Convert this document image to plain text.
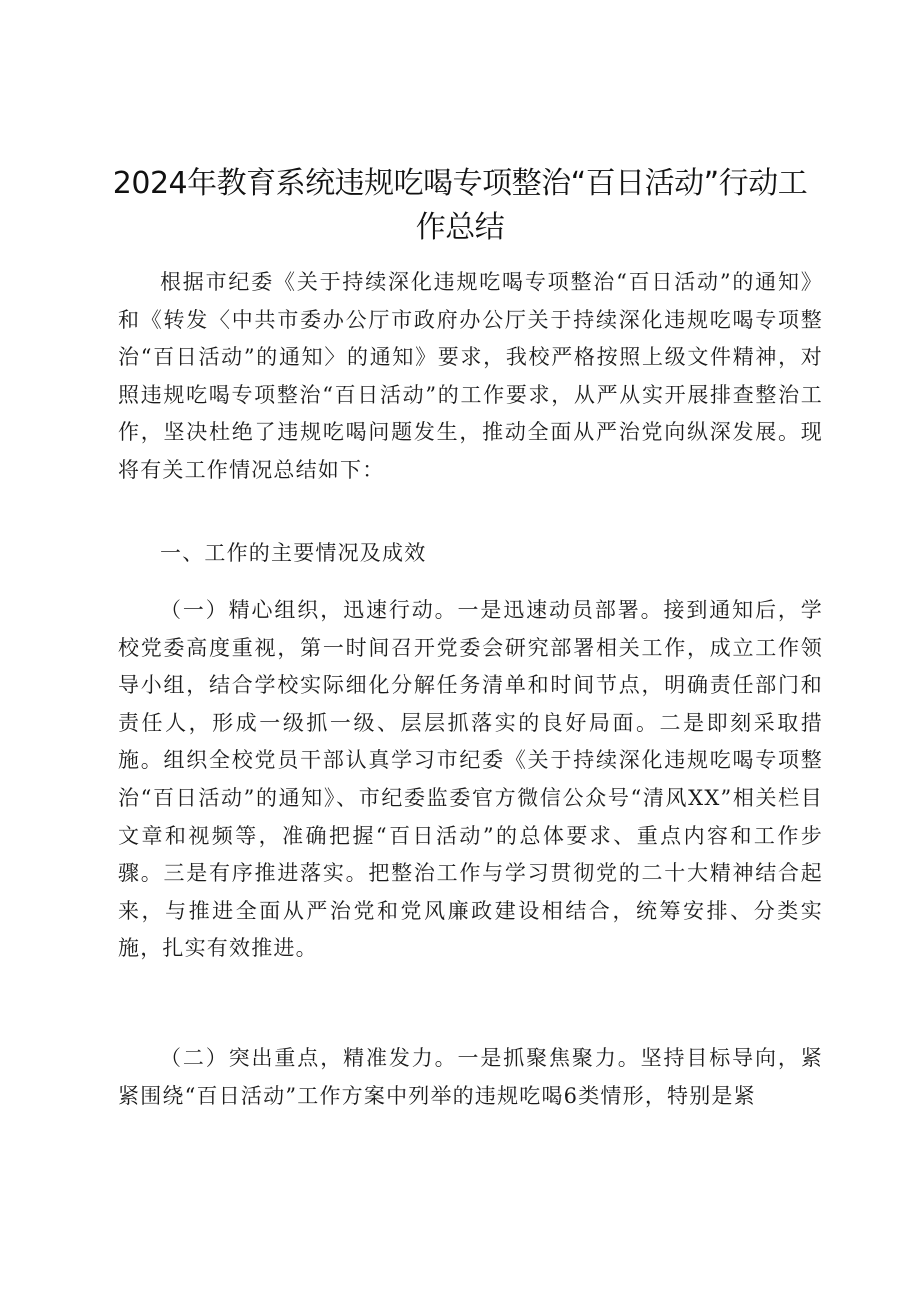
2024年教育系统违规吃喝专项整治“百日活动”行动工作总结

根据市纪委《关于持续深化违规吃喝专项整治“百日活动”的通知》和《转发〈中共市委办公厅市政府办公厅关于持续深化违规吃喝专项整治“百日活动”的通知〉的通知》要求，我校严格按照上级文件精神，对照违规吃喝专项整治“百日活动”的工作要求，从严从实开展排查整治工作，坚决杜绝了违规吃喝问题发生，推动全面从严治党向纵深发展。现将有关工作情况总结如下：

一、工作的主要情况及成效

（一）精心组织，迅速行动。一是迅速动员部署。接到通知后，学校党委高度重视，第一时间召开党委会研究部署相关工作，成立工作领导小组，结合学校实际细化分解任务清单和时间节点，明确责任部门和责任人，形成一级抓一级、层层抓落实的良好局面。二是即刻采取措施。组织全校党员干部认真学习市纪委《关于持续深化违规吃喝专项整治“百日活动”的通知》、市纪委监委官方微信公众号“清风XX”相关栏目文章和视频等，准确把握“百日活动”的总体要求、重点内容和工作步骤。三是有序推进落实。把整治工作与学习贯彻党的二十大精神结合起来，与推进全面从严治党和党风廉政建设相结合，统筹安排、分类实施，扎实有效推进。

（二）突出重点，精准发力。一是抓聚焦聚力。坚持目标导向，紧紧围绕“百日活动”工作方案中列举的违规吃喝6类情形，特别是紧
